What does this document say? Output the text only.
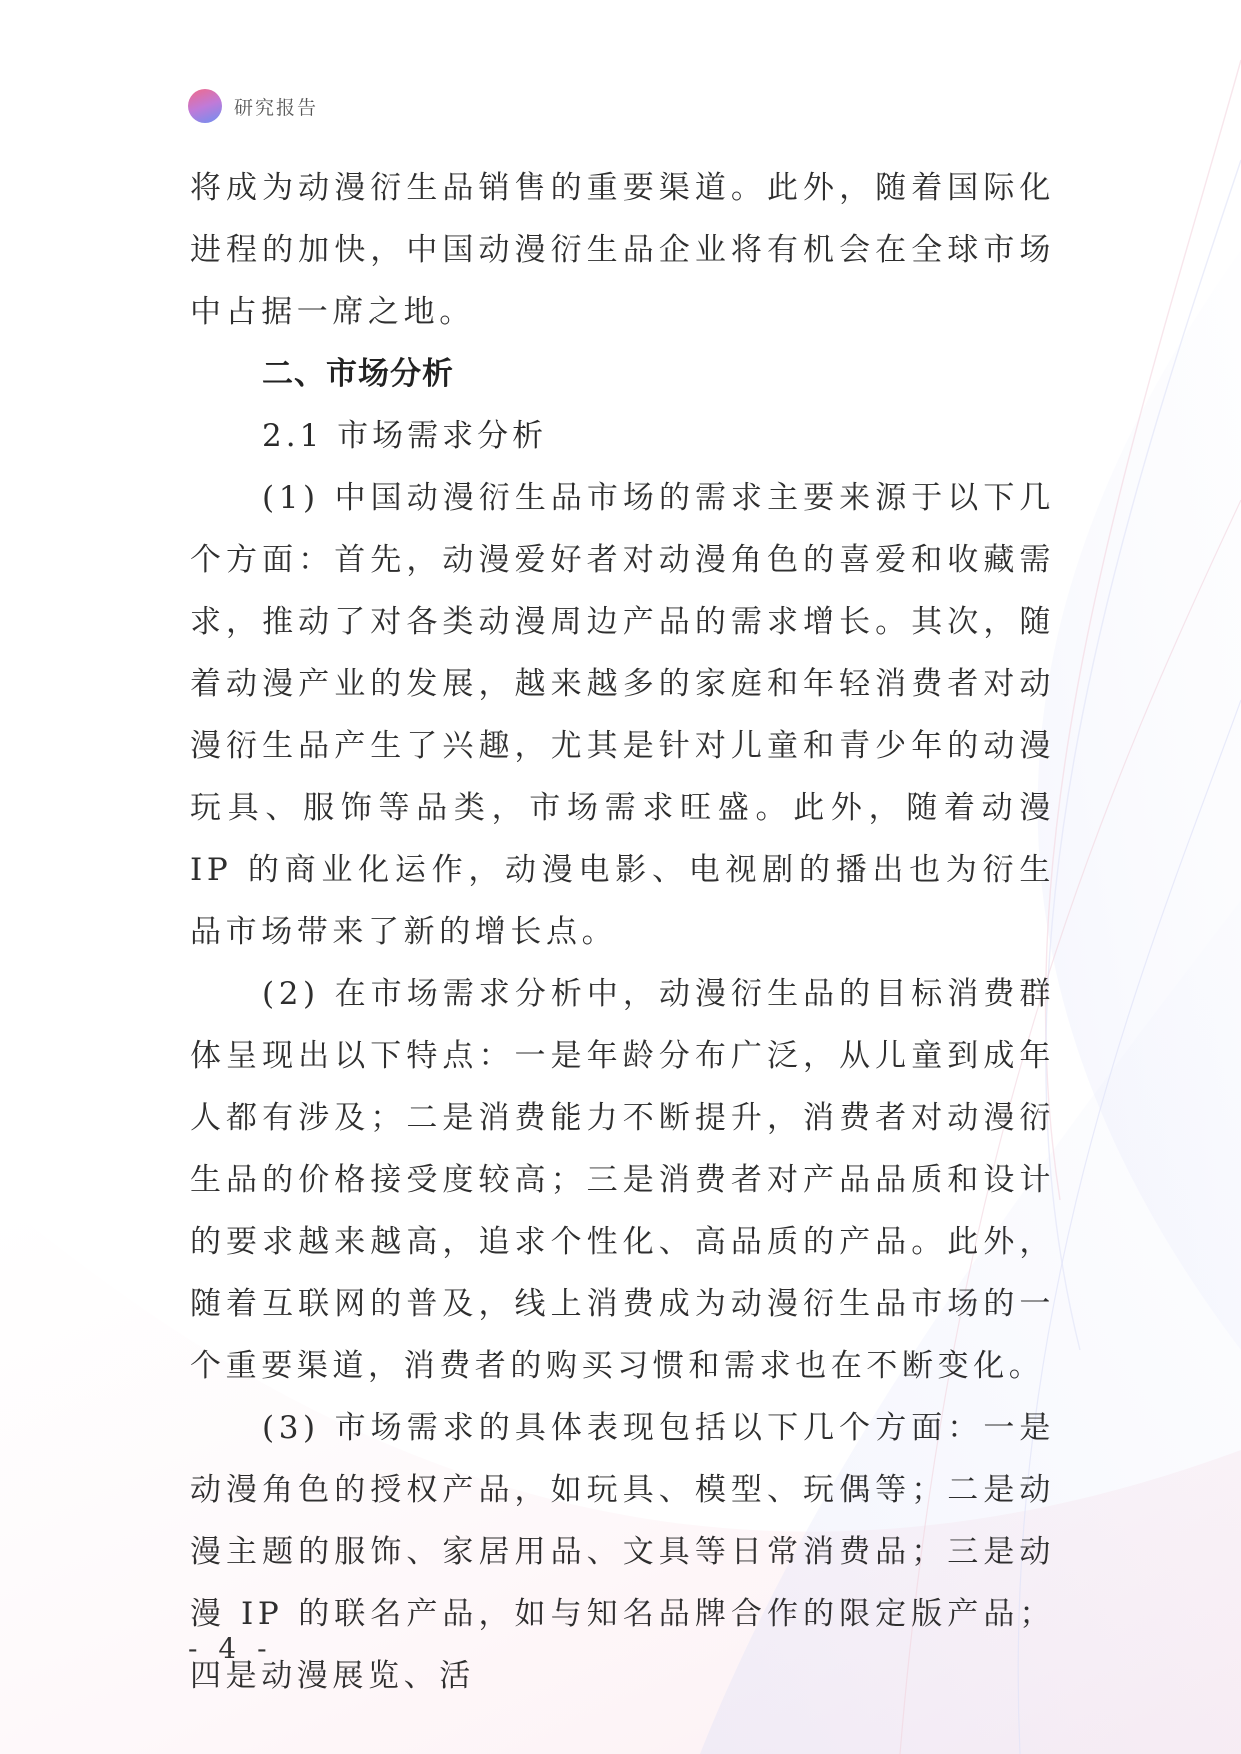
研究报告

将成为动漫衍生品销售的重要渠道。此外，随着国际化进程的加快，中国动漫衍生品企业将有机会在全球市场中占据一席之地。

二、市场分析

2.1 市场需求分析

(1) 中国动漫衍生品市场的需求主要来源于以下几个方面：首先，动漫爱好者对动漫角色的喜爱和收藏需求，推动了对各类动漫周边产品的需求增长。其次，随着动漫产业的发展，越来越多的家庭和年轻消费者对动漫衍生品产生了兴趣，尤其是针对儿童和青少年的动漫玩具、服饰等品类，市场需求旺盛。此外，随着动漫 IP 的商业化运作，动漫电影、电视剧的播出也为衍生品市场带来了新的增长点。

(2) 在市场需求分析中，动漫衍生品的目标消费群体呈现出以下特点：一是年龄分布广泛，从儿童到成年人都有涉及；二是消费能力不断提升，消费者对动漫衍生品的价格接受度较高；三是消费者对产品品质和设计的要求越来越高，追求个性化、高品质的产品。此外，随着互联网的普及，线上消费成为动漫衍生品市场的一个重要渠道，消费者的购买习惯和需求也在不断变化。

(3) 市场需求的具体表现包括以下几个方面：一是动漫角色的授权产品，如玩具、模型、玩偶等；二是动漫主题的服饰、家居用品、文具等日常消费品；三是动漫 IP 的联名产品，如与知名品牌合作的限定版产品；四是动漫展览、活

- 4 -
